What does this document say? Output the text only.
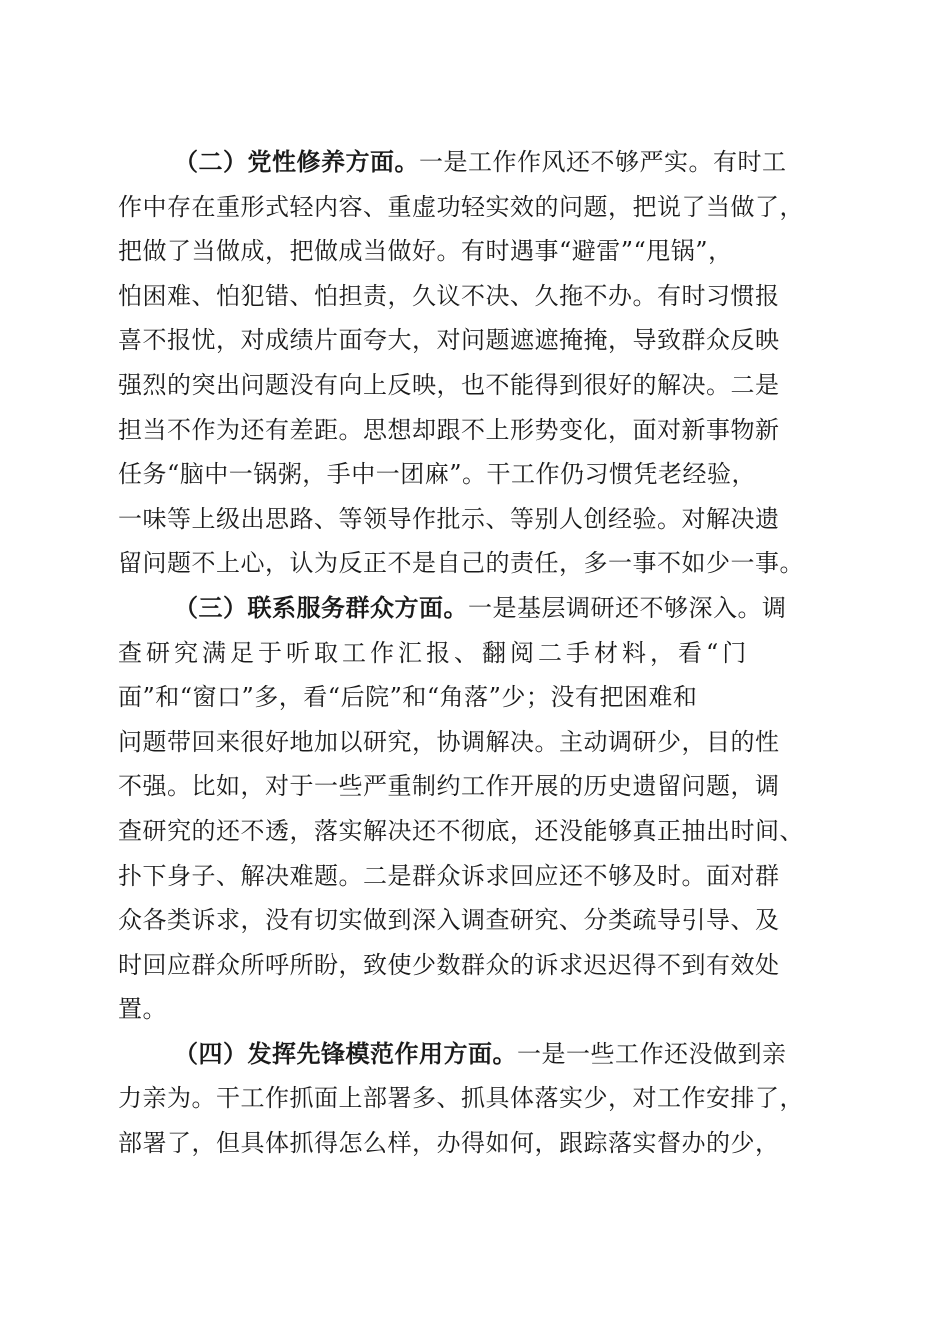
（二）党性修养方面。一是工作作风还不够严实。有时工
作中存在重形式轻内容、重虚功轻实效的问题，把说了当做了，
把做了当做成，把做成当做好。有时遇事“避雷”“甩锅”，
怕困难、怕犯错、怕担责，久议不决、久拖不办。有时习惯报
喜不报忧，对成绩片面夸大，对问题遮遮掩掩，导致群众反映
强烈的突出问题没有向上反映，也不能得到很好的解决。二是
担当不作为还有差距。思想却跟不上形势变化，面对新事物新
任务“脑中一锅粥，手中一团麻”。干工作仍习惯凭老经验，
一味等上级出思路、等领导作批示、等别人创经验。对解决遗
留问题不上心，认为反正不是自己的责任，多一事不如少一事。
（三）联系服务群众方面。一是基层调研还不够深入。调
查研究满足于听取工作汇报、翻阅二手材料，看“门
面”和“窗口”多，看“后院”和“角落”少；没有把困难和
问题带回来很好地加以研究，协调解决。主动调研少，目的性
不强。比如，对于一些严重制约工作开展的历史遗留问题，调
查研究的还不透，落实解决还不彻底，还没能够真正抽出时间、
扑下身子、解决难题。二是群众诉求回应还不够及时。面对群
众各类诉求，没有切实做到深入调查研究、分类疏导引导、及
时回应群众所呼所盼，致使少数群众的诉求迟迟得不到有效处
置。
（四）发挥先锋模范作用方面。一是一些工作还没做到亲
力亲为。干工作抓面上部署多、抓具体落实少，对工作安排了，
部署了，但具体抓得怎么样，办得如何，跟踪落实督办的少，
